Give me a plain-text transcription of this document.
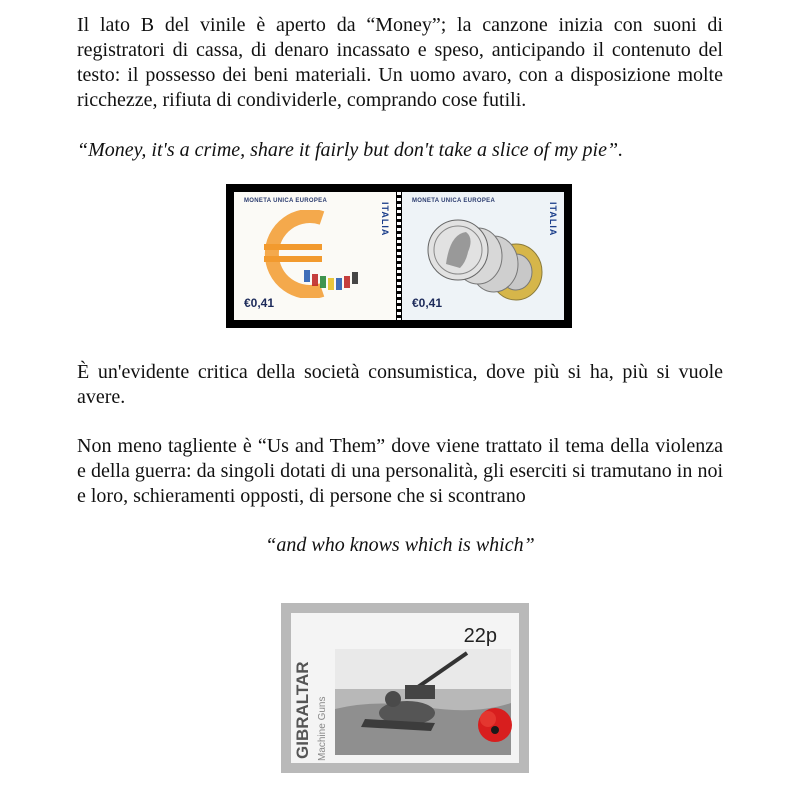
Il lato B del vinile è aperto da “Money”; la canzone inizia con suoni di registratori di cassa, di denaro incassato e speso, anticipando il contenuto del testo: il possesso dei beni materiali. Un uomo avaro, con a disposizione molte ricchezze, rifiuta di condividerle, comprando cose futili.

“Money, it's a crime, share it fairly but don't take a slice of my pie”.

MONETA UNICA EUROPEA
ITALIA
€0,41
MONETA UNICA EUROPEA
ITALIA
€0,41

È un'evidente critica della società consumistica, dove più si ha, più si vuole avere.

Non meno tagliente è “Us and Them” dove viene trattato il tema della violenza e della guerra: da singoli dotati di una personalità, gli eserciti si tramutano in noi e loro, schieramenti opposti, di persone che si scontrano

“and who knows which is which”

GIBRALTAR Machine Guns
22p
